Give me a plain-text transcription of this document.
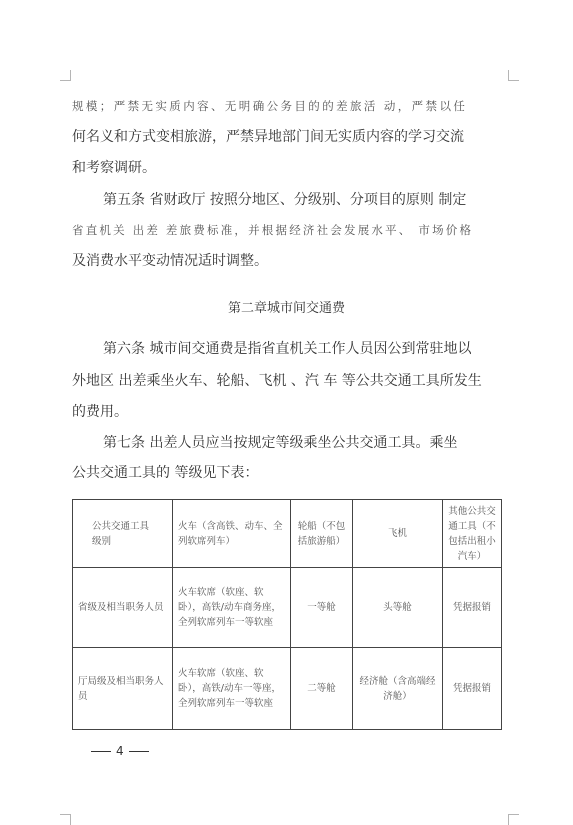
规模；严禁无实质内容、无明确公务目的的差旅活 动，严禁以任
何名义和方式变相旅游，严禁异地部门间无实质内容的学习交流
和考察调研。
第五条 省财政厅 按照分地区、分级别、分项目的原则 制定
省直机关 出差 差旅费标准，并根据经济社会发展水平、 市场价格
及消费水平变动情况适时调整。
第二章城市间交通费
第六条 城市间交通费是指省直机关工作人员因公到常驻地以
外地区 出差乘坐火车、轮船、飞机 、汽 车 等公共交通工具所发生
的费用。
第七条 出差人员应当按规定等级乘坐公共交通工具。乘坐
公共交通工具的 等级见下表：
公共交通工具
级别	火车（含高铁、动车、全列软席列车）	轮船（不包括旅游船）	飞机	其他公共交通工具（不包括出租小汽车）
省级及相当职务人员	火车软席（软座、软卧），高铁/动车商务座，全列软席列车一等软座	一等舱	头等舱	凭据报销
厅局级及相当职务人员	火车软席（软座、软卧），高铁/动车一等座，全列软席列车一等软座	二等舱	经济舱（含高端经济舱）	凭据报销
4
